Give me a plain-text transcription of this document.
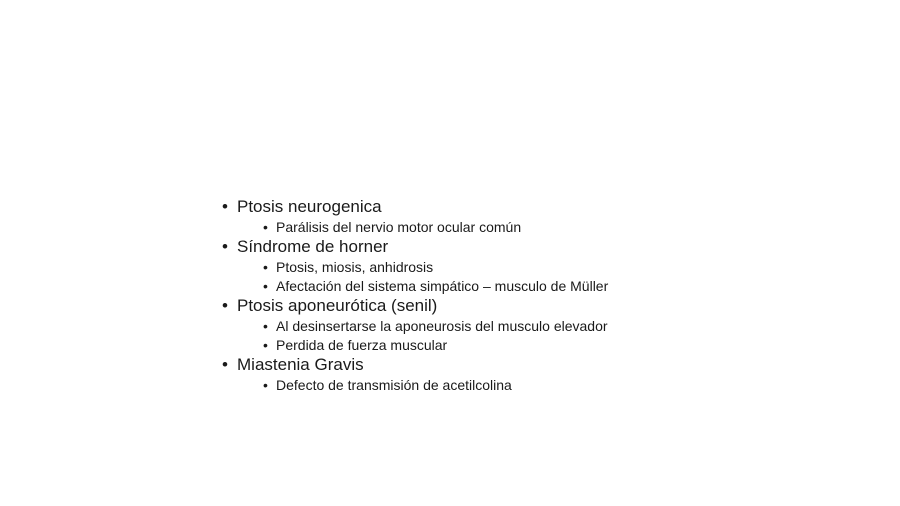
• Ptosis neurogenica
• Parálisis del nervio motor ocular común
• Síndrome de horner
• Ptosis, miosis, anhidrosis
• Afectación del sistema simpático – musculo de Müller
• Ptosis aponeurótica (senil)
• Al desinsertarse la aponeurosis del musculo elevador
• Perdida de fuerza muscular
• Miastenia Gravis
• Defecto de transmisión de acetilcolina
